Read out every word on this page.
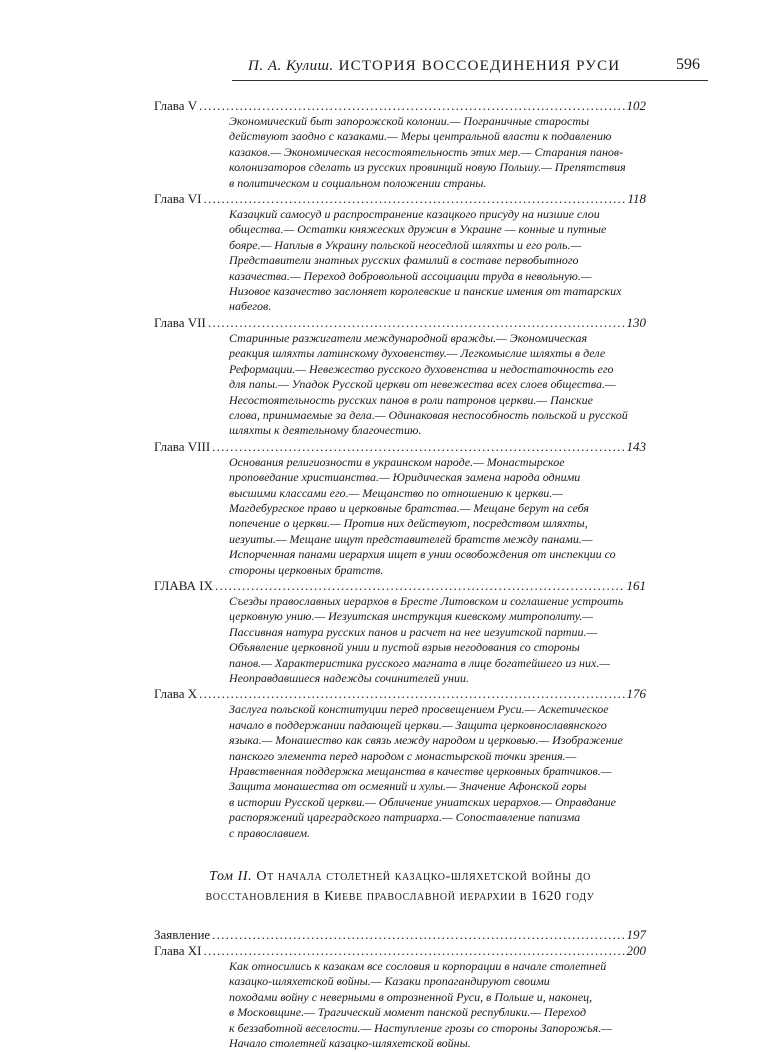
П. А. Кулиш. ИСТОРИЯ ВОССОЕДИНЕНИЯ РУСИ	596
Глава V . . .	102
Экономический быт запорожской колонии.— Пограничные старосты
действуют заодно с казаками.— Меры центральной власти к подавлению
казаков.— Экономическая несостоятельность этих мер.— Старания панов-
колонизаторов сделать из русских провинций новую Польшу.— Препятствия
в политическом и социальном положении страны.
Глава VI . . .	118
Казацкий самосуд и распространение казацкого присуду на низшие слои
общества.— Остатки княжеских дружин в Украине — конные и путные
бояре.— Наплыв в Украину польской неоседлой шляхты и его роль.—
Представители знатных русских фамилий в составе первобытного
казачества.— Переход добровольной ассоциации труда в невольную.—
Низовое казачество заслоняет королевские и панские имения от татарских
набегов.
Глава VII . . .	130
Старинные разжигатели международной вражды.— Экономическая
реакция шляхты латинскому духовенству.— Легкомыслие шляхты в деле
Реформации.— Невежество русского духовенства и недостаточность его
для папы.— Упадок Русской церкви от невежества всех слоев общества.—
Несостоятельность русских панов в роли патронов церкви.— Панские
слова, принимаемые за дела.— Одинаковая неспособность польской и русской
шляхты к деятельному благочестию.
Глава VIII . . .	143
Основания религиозности в украинском народе.— Монастырское
проповедание христианства.— Юридическая замена народа одними
высшими классами его.— Мещанство по отношению к церкви.—
Магдебургское право и церковные братства.— Мещане берут на себя
попечение о церкви.— Против них действуют, посредством шляхты,
иезуиты.— Мещане ищут представителей братств между панами.—
Испорченная панами иерархия ищет в унии освобождения от инспекции со
стороны церковных братств.
ГЛАВА IX . . .	161
Съезды православных иерархов в Бресте Литовском и соглашение устроить
церковную унию.— Иезуитская инструкция киевскому митрополиту.—
Пассивная натура русских панов и расчет на нее иезуитской партии.—
Объявление церковной унии и пустой взрыв негодования со стороны
панов.— Характеристика русского магната в лице богатейшего из них.—
Неоправдавшиеся надежды сочинителей унии.
Глава X . . .	176
Заслуга польской конституции перед просвещением Руси.— Аскетическое
начало в поддержании падающей церкви.— Защита церковнославянского
языка.— Монашество как связь между народом и церковью.— Изображение
панского элемента перед народом с монастырской точки зрения.—
Нравственная поддержка мещанства в качестве церковных братчиков.—
Защита монашества от осмеяний и хулы.— Значение Афонской горы
в истории Русской церкви.— Обличение униатских иерархов.— Оправдание
распоряжений цареградского патриарха.— Сопоставление папизма
с православием.
Том II. От начала столетней казацко-шляхетской войны до
восстановления в Киеве православной иерархии в 1620 году
Заявление . . .	197
Глава XI . . .	200
Как относились к казакам все сословия и корпорации в начале столетней
казацко-шляхетской войны.— Казаки пропагандируют своими
походами войну с неверными в отрозненной Руси, в Польше и, наконец,
в Московщине.— Трагический момент панской республики.— Переход
к беззаботной веселости.— Наступление грозы со стороны Запорожья.—
Начало столетней казацко-шляхетской войны.
